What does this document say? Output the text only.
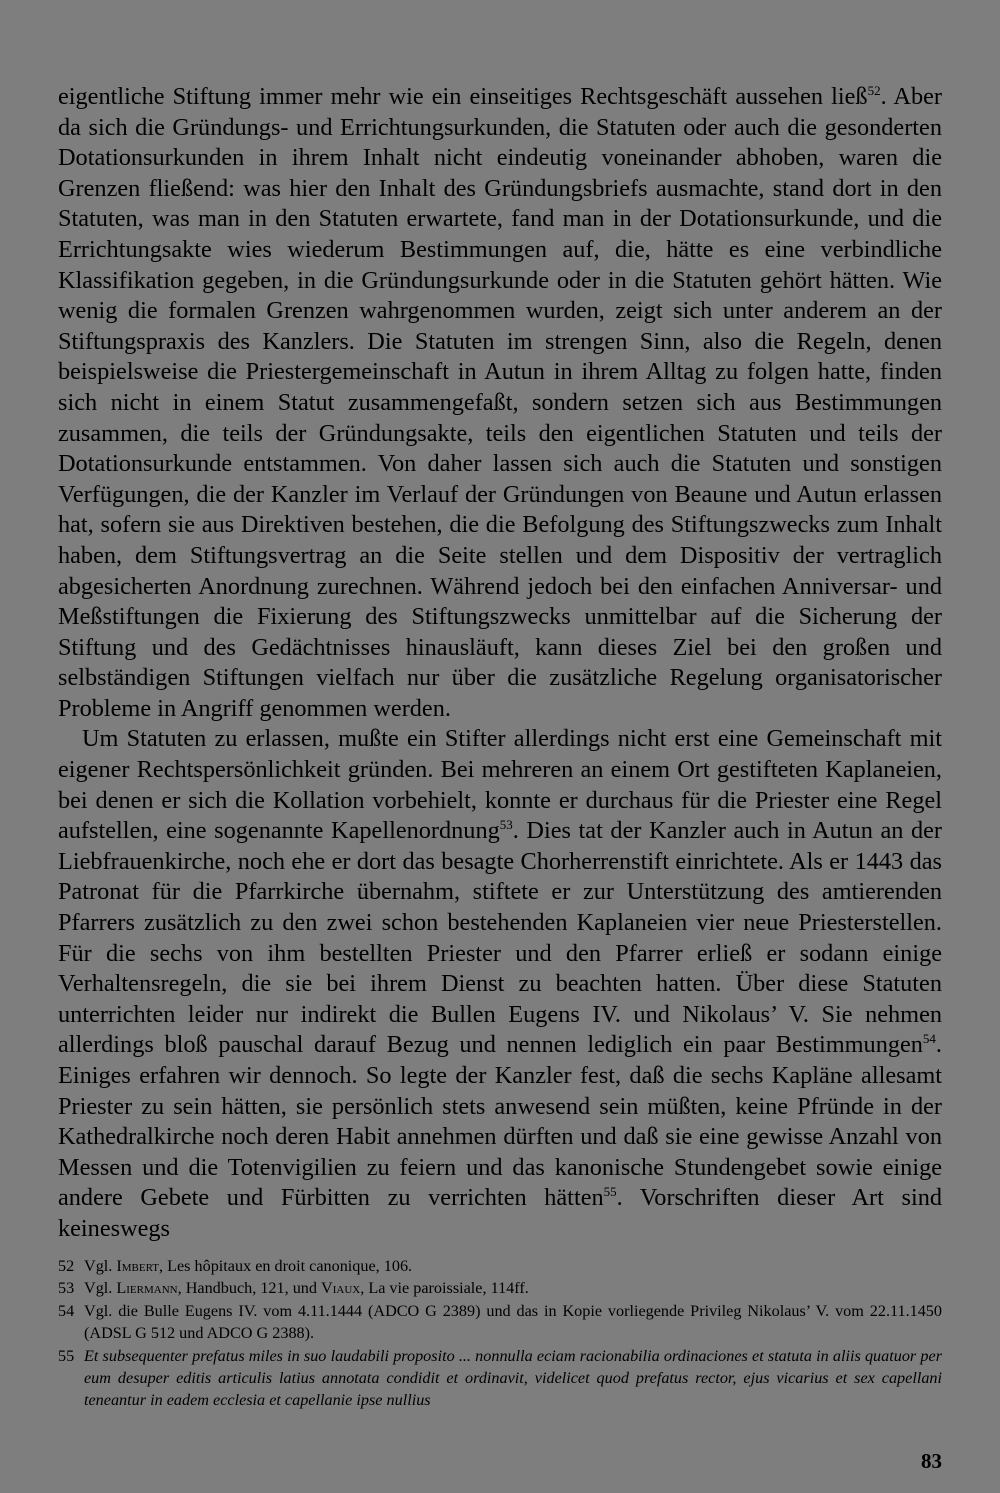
eigentliche Stiftung immer mehr wie ein einseitiges Rechtsgeschäft aussehen ließ$^{52}$. Aber da sich die Gründungs- und Errichtungsurkunden, die Statuten oder auch die gesonderten Dotationsurkunden in ihrem Inhalt nicht eindeutig voneinander abhoben, waren die Grenzen fließend: was hier den Inhalt des Gründungsbriefs ausmachte, stand dort in den Statuten, was man in den Statuten erwartete, fand man in der Dotationsurkunde, und die Errichtungsakte wies wiederum Bestimmungen auf, die, hätte es eine verbindliche Klassifikation gegeben, in die Gründungsurkunde oder in die Statuten gehört hätten. Wie wenig die formalen Grenzen wahrgenommen wurden, zeigt sich unter anderem an der Stiftungspraxis des Kanzlers. Die Statuten im strengen Sinn, also die Regeln, denen beispielsweise die Priestergemeinschaft in Autun in ihrem Alltag zu folgen hatte, finden sich nicht in einem Statut zusammengefaßt, sondern setzen sich aus Bestimmungen zusammen, die teils der Gründungsakte, teils den eigentlichen Statuten und teils der Dotationsurkunde entstammen. Von daher lassen sich auch die Statuten und sonstigen Verfügungen, die der Kanzler im Verlauf der Gründungen von Beaune und Autun erlassen hat, sofern sie aus Direktiven bestehen, die die Befolgung des Stiftungszwecks zum Inhalt haben, dem Stiftungsvertrag an die Seite stellen und dem Dispositiv der vertraglich abgesicherten Anordnung zurechnen. Während jedoch bei den einfachen Anniversar- und Meßstiftungen die Fixierung des Stiftungszwecks unmittelbar auf die Sicherung der Stiftung und des Gedächtnisses hinausläuft, kann dieses Ziel bei den großen und selbständigen Stiftungen vielfach nur über die zusätzliche Regelung organisatorischer Probleme in Angriff genommen werden.

Um Statuten zu erlassen, mußte ein Stifter allerdings nicht erst eine Gemeinschaft mit eigener Rechtspersönlichkeit gründen. Bei mehreren an einem Ort gestifteten Kaplaneien, bei denen er sich die Kollation vorbehielt, konnte er durchaus für die Priester eine Regel aufstellen, eine sogenannte Kapellenordnung$^{53}$. Dies tat der Kanzler auch in Autun an der Liebfrauenkirche, noch ehe er dort das besagte Chorherrenstift einrichtete. Als er 1443 das Patronat für die Pfarrkirche übernahm, stiftete er zur Unterstützung des amtierenden Pfarrers zusätzlich zu den zwei schon bestehenden Kaplaneien vier neue Priesterstellen. Für die sechs von ihm bestellten Priester und den Pfarrer erließ er sodann einige Verhaltensregeln, die sie bei ihrem Dienst zu beachten hatten. Über diese Statuten unterrichten leider nur indirekt die Bullen Eugens IV. und Nikolaus’ V. Sie nehmen allerdings bloß pauschal darauf Bezug und nennen lediglich ein paar Bestimmungen$^{54}$. Einiges erfahren wir dennoch. So legte der Kanzler fest, daß die sechs Kapläne allesamt Priester zu sein hätten, sie persönlich stets anwesend sein müßten, keine Pfründe in der Kathedralkirche noch deren Habit annehmen dürften und daß sie eine gewisse Anzahl von Messen und die Totenvigilien zu feiern und das kanonische Stundengebet sowie einige andere Gebete und Fürbitten zu verrichten hätten$^{55}$. Vorschriften dieser Art sind keineswegs

52 Vgl. Imbert, Les hôpitaux en droit canonique, 106.
53 Vgl. Liermann, Handbuch, 121, und Viaux, La vie paroissiale, 114ff.
54 Vgl. die Bulle Eugens IV. vom 4.11.1444 (ADCO G 2389) und das in Kopie vorliegende Privileg Nikolaus’ V. vom 22.11.1450 (ADSL G 512 und ADCO G 2388).
55 Et subsequenter prefatus miles in suo laudabili proposito ... nonnulla eciam racionabilia ordinaciones et statuta in aliis quatuor per eum desuper editis articulis latius annotata condidit et ordinavit, videlicet quod prefatus rector, ejus vicarius et sex capellani teneantur in eadem ecclesia et capellanie ipse nullius
83
